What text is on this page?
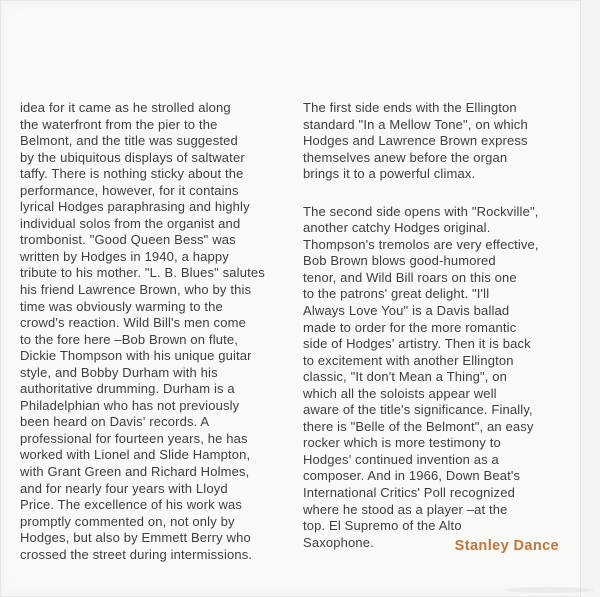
idea for it came as he strolled along
the waterfront from the pier to the
Belmont, and the title was suggested
by the ubiquitous displays of saltwater
taffy. There is nothing sticky about the
performance, however, for it contains
lyrical Hodges paraphrasing and highly
individual solos from the organist and
trombonist. "Good Queen Bess" was
written by Hodges in 1940, a happy
tribute to his mother. "L. B. Blues" salutes
his friend Lawrence Brown, who by this
time was obviously warming to the
crowd's reaction. Wild Bill's men come
to the fore here –Bob Brown on flute,
Dickie Thompson with his unique guitar
style, and Bobby Durham with his
authoritative drumming. Durham is a
Philadelphian who has not previously
been heard on Davis' records. A
professional for fourteen years, he has
worked with Lionel and Slide Hampton,
with Grant Green and Richard Holmes,
and for nearly four years with Lloyd
Price. The excellence of his work was
promptly commented on, not only by
Hodges, but also by Emmett Berry who
crossed the street during intermissions.
The first side ends with the Ellington
standard "In a Mellow Tone", on which
Hodges and Lawrence Brown express
themselves anew before the organ
brings it to a powerful climax.
The second side opens with "Rockville",
another catchy Hodges original.
Thompson's tremolos are very effective,
Bob Brown blows good-humored
tenor, and Wild Bill roars on this one
to the patrons' great delight. "I'll
Always Love You" is a Davis ballad
made to order for the more romantic
side of Hodges' artistry. Then it is back
to excitement with another Ellington
classic, "It don't Mean a Thing", on
which all the soloists appear well
aware of the title's significance. Finally,
there is "Belle of the Belmont", an easy
rocker which is more testimony to
Hodges' continued invention as a
composer. And in 1966, Down Beat's
International Critics' Poll recognized
where he stood as a player –at the
top. El Supremo of the Alto
Saxophone.	Stanley Dance
